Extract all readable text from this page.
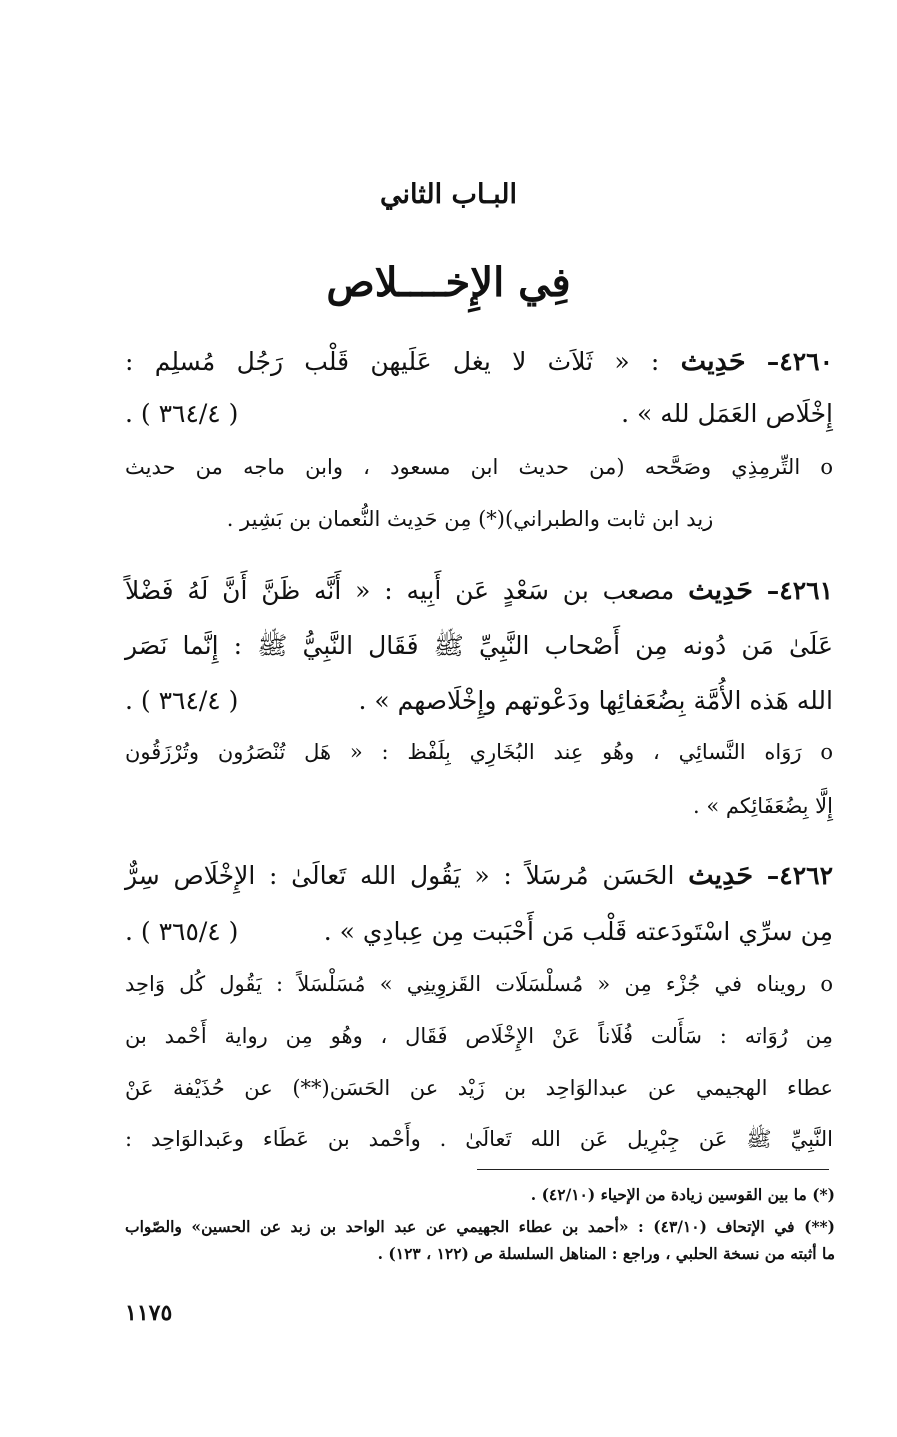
البـاب الثاني
فِي الإِخــــلاص
٤٢٦٠– حَدِيث : « ثَلاَث لا يغل عَلَيهن قَلْب رَجُل مُسلِم :
إِخْلَاص العَمَل لله » .
( ٣٦٤/٤ ) .
o التِّرمِذِي وصَحَّحه (من حديث ابن مسعود ، وابن ماجه من حديث
زيد ابن ثابت والطبراني)(*) مِن حَدِيث النُّعمان بن بَشِير .
٤٢٦١– حَدِيث مصعب بن سَعْدٍ عَن أَبِيه : « أَنَّه ظَنَّ أَنَّ لَهُ فَضْلاً
عَلَىٰ مَن دُونه مِن أَصْحاب النَّبِيِّ ﷺ فَقَال النَّبِيُّ ﷺ : إِنَّما نَصَر
الله هَذه الأُمَّة بِضُعَفائِها ودَعْوتهم وإِخْلَاصهم » .
( ٣٦٤/٤ ) .
o رَوَاه النَّسائِي ، وهُو عِند البُخَارِي بِلَفْظ : « هَل تُنْصَرُون وتُرْزَقُون
إِلَّا بِضُعَفَائِكم » .
٤٢٦٢– حَدِيث الحَسَن مُرسَلاً : « يَقُول الله تَعالَىٰ : الإِخْلَاص سِرٌّ
مِن سرِّي اسْتَودَعته قَلْب مَن أَحْبَبت مِن عِبادِي » .
( ٣٦٥/٤ ) .
o رويناه في جُزْء مِن « مُسلْسَلَات القَزوِينِي » مُسَلْسَلاً : يَقُول كُل وَاحِد
مِن رُوَاته : سَأَلت فُلَاناً عَنْ الإِخْلَاص فَقَال ، وهُو مِن رواية أَحْمد بن
عطاء الهجيمي عن عبدالوَاحِد بن زَيْد عن الحَسَن(**) عن حُذَيْفة عَنْ
النَّبِيِّ ﷺ عَن جِبْرِيل عَن الله تَعالَىٰ . وأَحْمد بن عَطَاء وعَبدالوَاحِد :
(*) ما بين القوسين زيادة من الإحياء (٤٢/١٠) .
(**) في الإتحاف (٤٣/١٠) : «أحمد بن عطاء الجهيمي عن عبد الواحد بن زبد عن الحسين» والصّواب
ما أثبته من نسخة الحلبي ، وراجع : المناهل السلسلة ص (١٢٢ ، ١٢٣) .
١١٧٥
